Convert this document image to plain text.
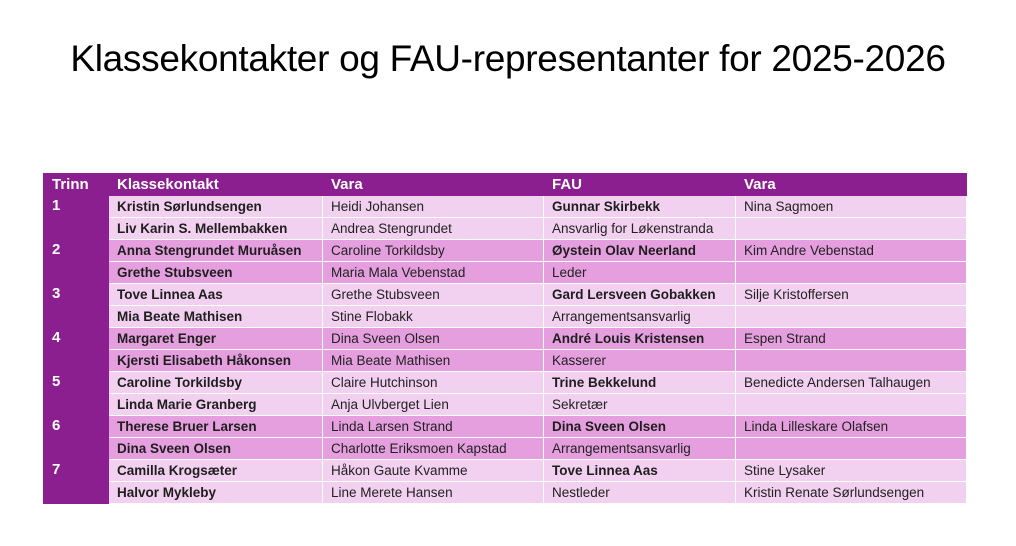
Klassekontakter og FAU-representanter for 2025-2026
Trinn	Klassekontakt	Vara	FAU	Vara
1	Kristin Sørlundsengen	Heidi Johansen	Gunnar Skirbekk	Nina Sagmoen
	Liv Karin S. Mellembakken	Andrea Stengrundet	Ansvarlig for Løkenstranda	
2	Anna Stengrundet Muruåsen	Caroline Torkildsby	Øystein Olav Neerland	Kim Andre Vebenstad
	Grethe Stubsveen	Maria Mala Vebenstad	Leder	
3	Tove Linnea Aas	Grethe Stubsveen	Gard Lersveen Gobakken	Silje Kristoffersen
	Mia Beate Mathisen	Stine Flobakk	Arrangementsansvarlig	
4	Margaret Enger	Dina Sveen Olsen	André Louis Kristensen	Espen Strand
	Kjersti Elisabeth Håkonsen	Mia Beate Mathisen	Kasserer	
5	Caroline Torkildsby	Claire Hutchinson	Trine Bekkelund	Benedicte Andersen Talhaugen
	Linda Marie Granberg	Anja Ulvberget Lien	Sekretær	
6	Therese Bruer Larsen	Linda Larsen Strand	Dina Sveen Olsen	Linda Lilleskare Olafsen
	Dina Sveen Olsen	Charlotte Eriksmoen Kapstad	Arrangementsansvarlig	
7	Camilla Krogsæter	Håkon Gaute Kvamme	Tove Linnea Aas	Stine Lysaker
	Halvor Mykleby	Line Merete Hansen	Nestleder	Kristin Renate Sørlundsengen
